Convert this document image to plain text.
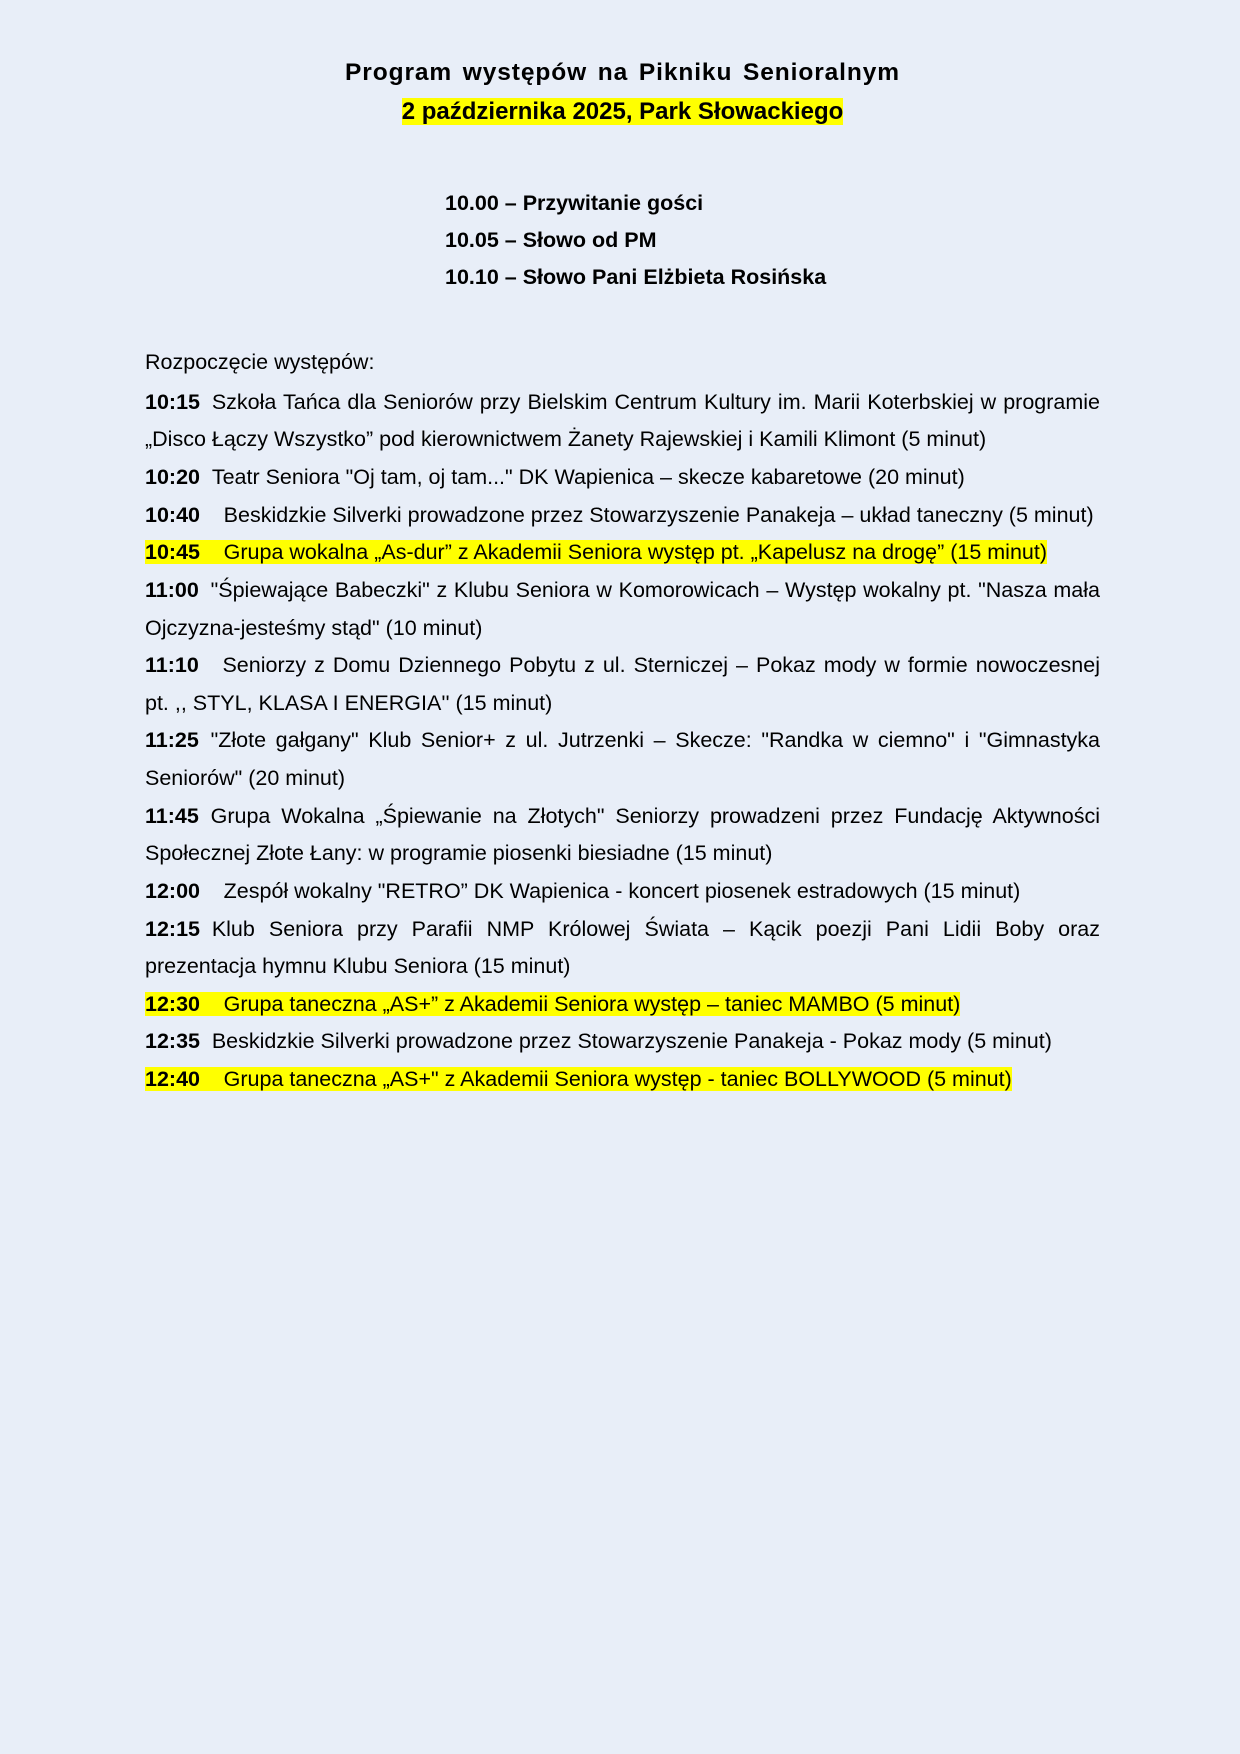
Program występów na Pikniku Senioralnym
2 października 2025, Park Słowackiego
10.00 – Przywitanie gości
10.05 – Słowo od PM
10.10 – Słowo Pani Elżbieta Rosińska
Rozpoczęcie występów:

10:15 Szkoła Tańca dla Seniorów przy Bielskim Centrum Kultury im. Marii Koterbskiej w programie „Disco Łączy Wszystko” pod kierownictwem Żanety Rajewskiej i Kamili Klimont (5 minut)

10:20 Teatr Seniora "Oj tam, oj tam..." DK Wapienica – skecze kabaretowe (20 minut)

10:40 Beskidzkie Silverki prowadzone przez Stowarzyszenie Panakeja – układ taneczny (5 minut)

10:45 Grupa wokalna „As-dur” z Akademii Seniora występ pt. „Kapelusz na drogę” (15 minut)

11:00 "Śpiewające Babeczki" z Klubu Seniora w Komorowicach – Występ wokalny pt. "Nasza mała Ojczyzna-jesteśmy stąd" (10 minut)

11:10 Seniorzy z Domu Dziennego Pobytu z ul. Sterniczej – Pokaz mody w formie nowoczesnej pt. ,, STYL, KLASA I ENERGIA'' (15 minut)

11:25 "Złote gałgany" Klub Senior+ z ul. Jutrzenki – Skecze: "Randka w ciemno" i "Gimnastyka Seniorów" (20 minut)

11:45 Grupa Wokalna „Śpiewanie na Złotych" Seniorzy prowadzeni przez Fundację Aktywności Społecznej Złote Łany: w programie piosenki biesiadne (15 minut)

12:00 Zespół wokalny "RETRO” DK Wapienica - koncert piosenek estradowych (15 minut)

12:15 Klub Seniora przy Parafii NMP Królowej Świata – Kącik poezji Pani Lidii Boby oraz prezentacja hymnu Klubu Seniora (15 minut)

12:30 Grupa taneczna „AS+” z Akademii Seniora występ – taniec MAMBO (5 minut)

12:35 Beskidzkie Silverki prowadzone przez Stowarzyszenie Panakeja - Pokaz mody (5 minut)

12:40 Grupa taneczna „AS+" z Akademii Seniora występ - taniec BOLLYWOOD (5 minut)
